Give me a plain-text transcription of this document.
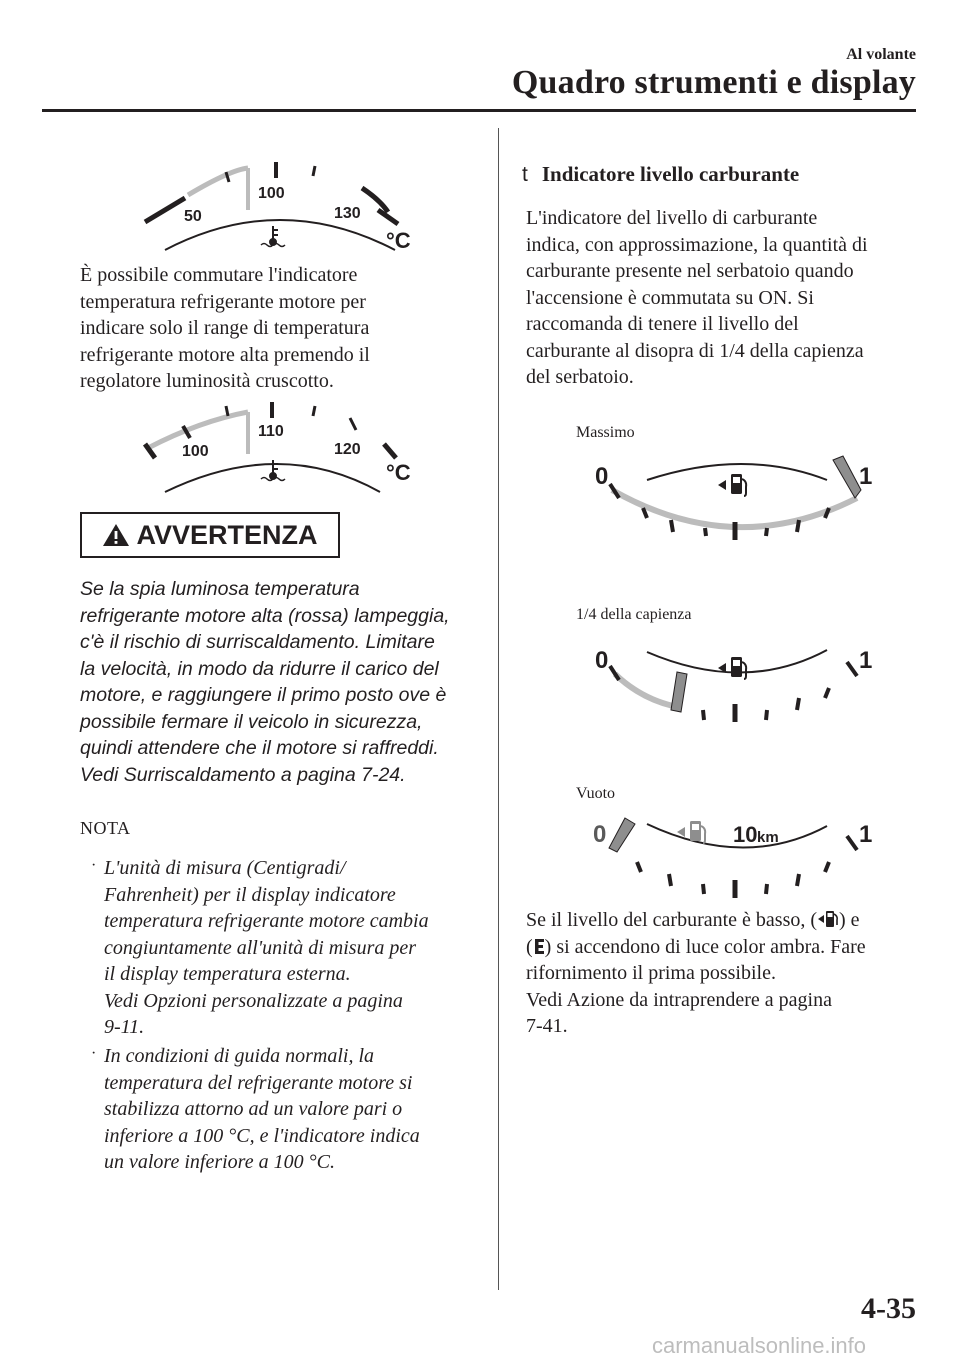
Al volante
Quadro strumenti e display
50
100
130
°C
È possibile commutare l'indicatore
temperatura refrigerante motore per
indicare solo il range di temperatura
refrigerante motore alta premendo il
regolatore luminosità cruscotto.
100
110
120
°C
AVVERTENZA
Se la spia luminosa temperatura
refrigerante motore alta (rossa) lampeggia,
c'è il rischio di surriscaldamento. Limitare
la velocità, in modo da ridurre il carico del
motore, e raggiungere il primo posto ove è
possibile fermare il veicolo in sicurezza,
quindi attendere che il motore si raffreddi.
Vedi Surriscaldamento a pagina 7-24.
NOTA
· L'unità di misura (Centigradi/
Fahrenheit) per il display indicatore
temperatura refrigerante motore cambia
congiuntamente all'unità di misura per
il display temperatura esterna.
Vedi Opzioni personalizzate a pagina
9-11.
· In condizioni di guida normali, la
temperatura del refrigerante motore si
stabilizza attorno ad un valore pari o
inferiore a 100 °C, e l'indicatore indica
un valore inferiore a 100 °C.
t Indicatore livello carburante
L'indicatore del livello di carburante
indica, con approssimazione, la quantità di
carburante presente nel serbatoio quando
l'accensione è commutata su ON. Si
raccomanda di tenere il livello del
carburante al disopra di 1/4 della capienza
del serbatoio.
Massimo
0	1
1/4 della capienza
0	1
Vuoto
0	1
10 km
Se il livello del carburante è basso, ( ) e
( ) si accendono di luce color ambra. Fare
rifornimento il prima possibile.
Vedi Azione da intraprendere a pagina
7-41.
4-35
carmanualsonline.info
